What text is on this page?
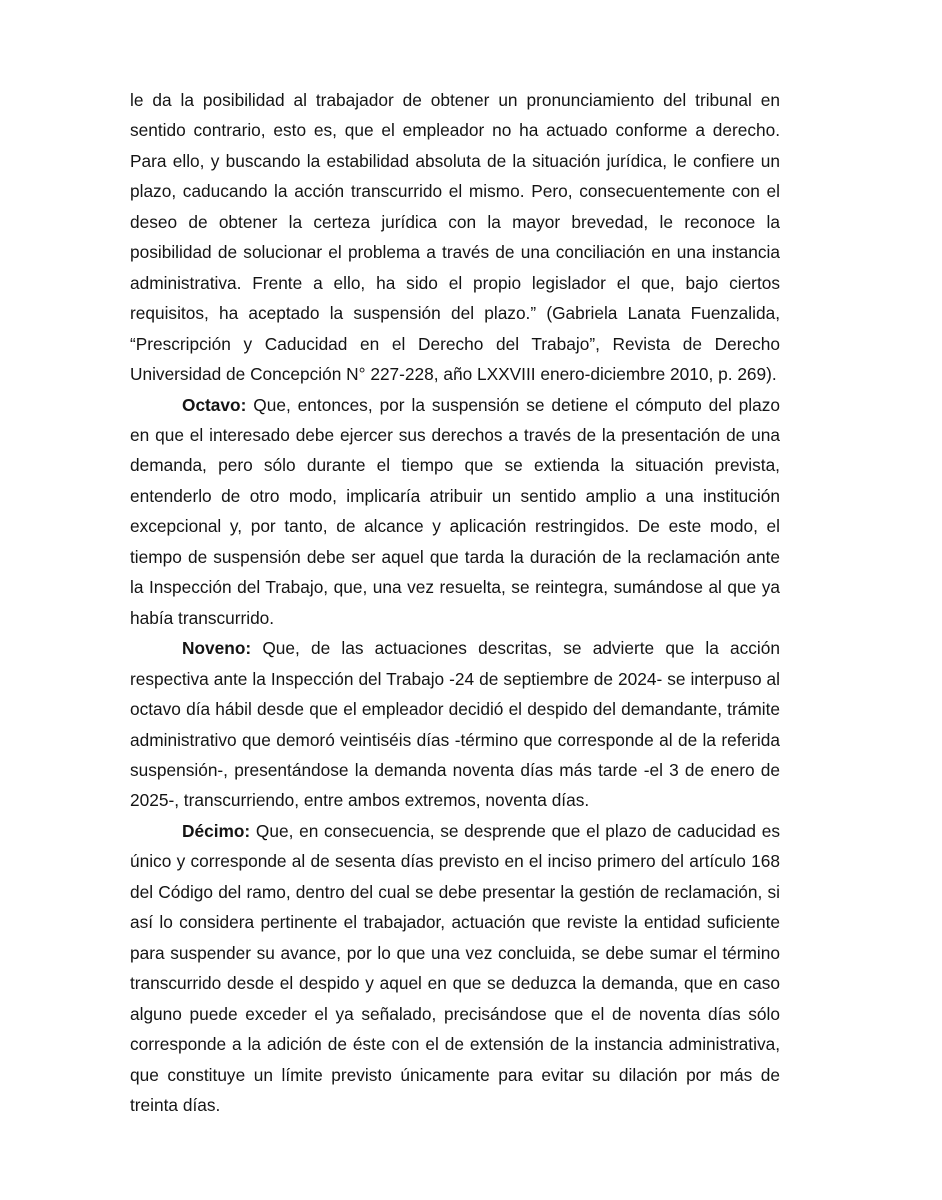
le da la posibilidad al trabajador de obtener un pronunciamiento del tribunal en sentido contrario, esto es, que el empleador no ha actuado conforme a derecho. Para ello, y buscando la estabilidad absoluta de la situación jurídica, le confiere un plazo, caducando la acción transcurrido el mismo. Pero, consecuentemente con el deseo de obtener la certeza jurídica con la mayor brevedad, le reconoce la posibilidad de solucionar el problema a través de una conciliación en una instancia administrativa. Frente a ello, ha sido el propio legislador el que, bajo ciertos requisitos, ha aceptado la suspensión del plazo.” (Gabriela Lanata Fuenzalida, “Prescripción y Caducidad en el Derecho del Trabajo”, Revista de Derecho Universidad de Concepción N° 227-228, año LXXVIII enero-diciembre 2010, p. 269).

Octavo: Que, entonces, por la suspensión se detiene el cómputo del plazo en que el interesado debe ejercer sus derechos a través de la presentación de una demanda, pero sólo durante el tiempo que se extienda la situación prevista, entenderlo de otro modo, implicaría atribuir un sentido amplio a una institución excepcional y, por tanto, de alcance y aplicación restringidos. De este modo, el tiempo de suspensión debe ser aquel que tarda la duración de la reclamación ante la Inspección del Trabajo, que, una vez resuelta, se reintegra, sumándose al que ya había transcurrido.

Noveno: Que, de las actuaciones descritas, se advierte que la acción respectiva ante la Inspección del Trabajo -24 de septiembre de 2024- se interpuso al octavo día hábil desde que el empleador decidió el despido del demandante, trámite administrativo que demoró veintiséis días -término que corresponde al de la referida suspensión-, presentándose la demanda noventa días más tarde -el 3 de enero de 2025-, transcurriendo, entre ambos extremos, noventa días.

Décimo: Que, en consecuencia, se desprende que el plazo de caducidad es único y corresponde al de sesenta días previsto en el inciso primero del artículo 168 del Código del ramo, dentro del cual se debe presentar la gestión de reclamación, si así lo considera pertinente el trabajador, actuación que reviste la entidad suficiente para suspender su avance, por lo que una vez concluida, se debe sumar el término transcurrido desde el despido y aquel en que se deduzca la demanda, que en caso alguno puede exceder el ya señalado, precisándose que el de noventa días sólo corresponde a la adición de éste con el de extensión de la instancia administrativa, que constituye un límite previsto únicamente para evitar su dilación por más de treinta días.
